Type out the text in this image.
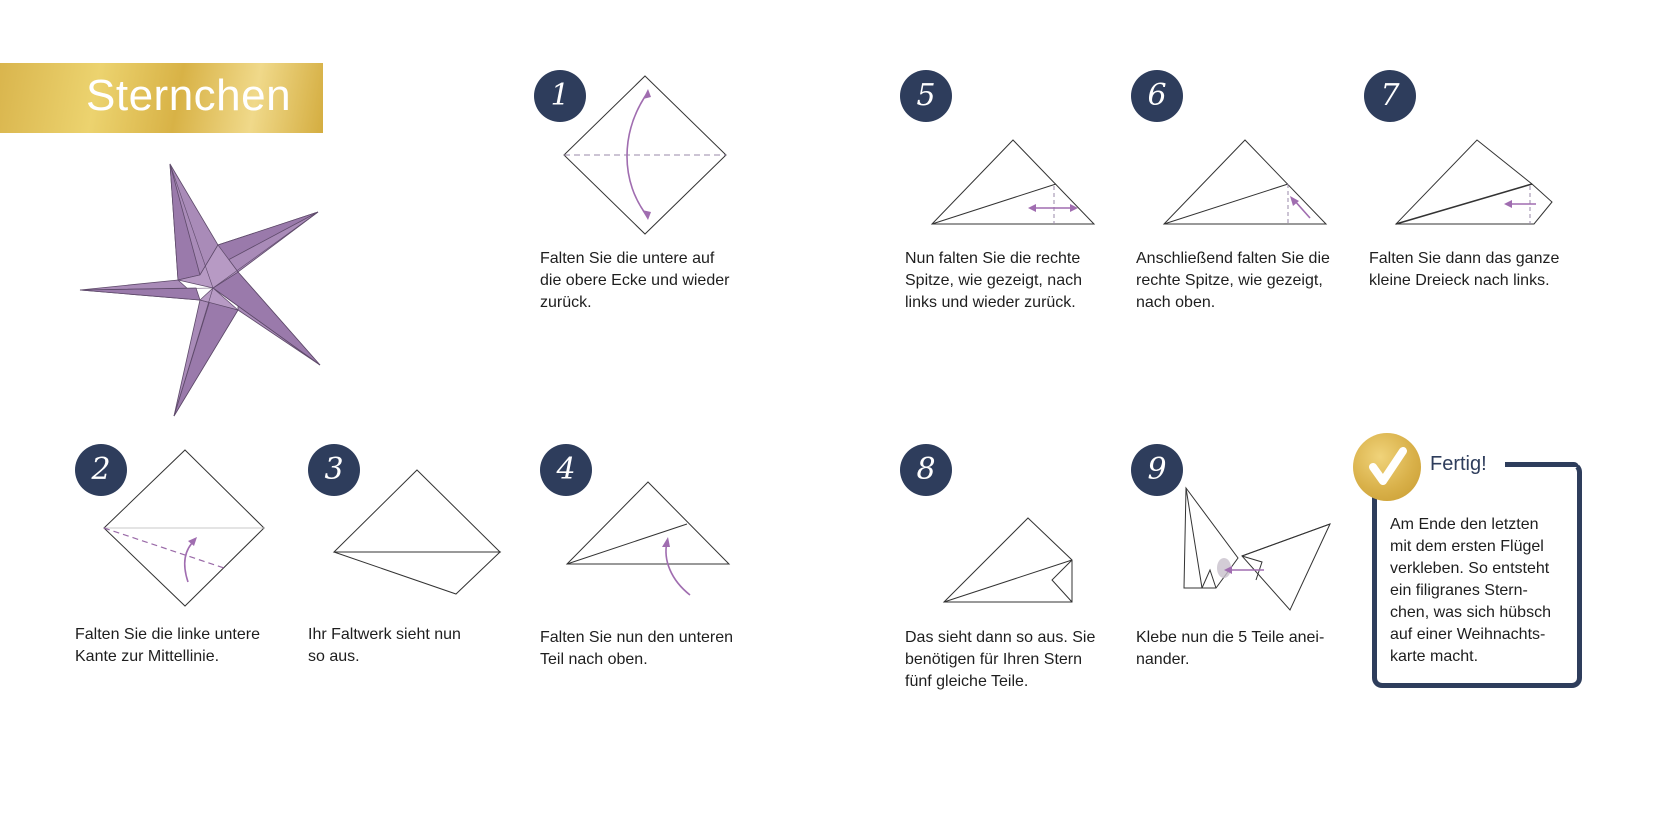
Sternchen	1
Falten Sie die untere auf
die obere Ecke und wieder
zurück.
2
Falten Sie die linke untere
Kante zur Mittellinie.
3
Ihr Faltwerk sieht nun
so aus.
4
Falten Sie nun den unteren
Teil nach oben.
5
Nun falten Sie die rechte
Spitze, wie gezeigt, nach
links und wieder zurück.
6
Anschließend falten Sie die
rechte Spitze, wie gezeigt,
nach oben.
7
Falten Sie dann das ganze
kleine Dreieck nach links.
8
Das sieht dann so aus. Sie
benötigen für Ihren Stern
fünf gleiche Teile.
9
Klebe nun die 5 Teile anei-
nander.
Fertig!
Am Ende den letzten
mit dem ersten Flügel
verkleben. So entsteht
ein filigranes Stern-
chen, was sich hübsch
auf einer Weihnachts-
karte macht.
